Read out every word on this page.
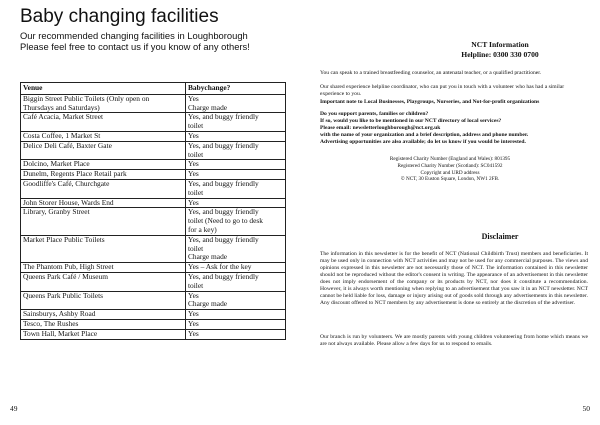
Baby changing facilities
Our recommended changing facilities in Loughborough
Please feel free to contact us if you know of any others!
Venue	Babychange?

Biggin Street Public Toilets (Only open on
Thursdays and Saturdays)	Yes
Charge made

Café Acacia, Market Street	Yes, and buggy friendly
toilet

Costa Coffee, 1 Market St	Yes

Delice Deli Café, Baxter Gate	Yes, and buggy friendly
toilet

Dolcino, Market Place	Yes

Dunelm, Regents Place Retail park	Yes

Goodliffe's Café, Churchgate	Yes, and buggy friendly
toilet

John Storer House, Wards End	Yes

Library, Granby Street	Yes, and buggy friendly
toilet (Need to go to desk
for a key)

Market Place Public Toilets	Yes, and buggy friendly
toilet
Charge made

The Phantom Pub, High Street	Yes – Ask for the key

Queens Park Café / Museum	Yes, and buggy friendly
toilet

Queens Park Public Toilets	Yes
Charge made

Sainsburys, Ashby Road	Yes

Tesco, The Rushes	Yes

Town Hall, Market Place	Yes
49
NCT Information
Helpline: 0300 330 0700
You can speak to a trained breastfeeding counselor, an antenatal teacher, or a qualified practitioner.
Our shared experience helpline coordinator, who can put you in touch with a volunteer who has had a similar experience to you.
Important note to Local Businesses, Playgroups, Nurseries, and Not-for-profit organizations
Do you support parents, families or children?
If so, would you like to be mentioned in our NCT directory of local services?
Please email: newsletterloughborough@nct.org.uk
with the name of your organization and a brief description, address and phone number.
Advertising opportunities are also available; do let us know if you would be interested.
Registered Charity Number (England and Wales): 801395
Registered Charity Number (Scotland): SC041592
Copyright and URD address
© NCT, 30 Euston Square, London, NW1 2FB.
Disclaimer
The information in this newsletter is for the benefit of NCT (National Childbirth Trust) members and beneficiaries. It may be used only in connection with NCT activities and may not be used for any commercial purposes. The views and opinions expressed in this newsletter are not necessarily those of NCT. The information contained in this newsletter should not be reproduced without the editor's consent in writing. The appearance of an advertisement in this newsletter does not imply endorsement of the company or its products by NCT, nor does it constitute a recommendation. However, it is always worth mentioning when replying to an advertisement that you saw it in an NCT newsletter. NCT cannot be held liable for loss, damage or injury arising out of goods sold through any advertisements in this newsletter. Any discount offered to NCT members by any advertisement is done so entirely at the discretion of the advertiser.
Our branch is run by volunteers. We are mostly parents with young children volunteering from home which means we are not always available. Please allow a few days for us to respond to emails.
50
